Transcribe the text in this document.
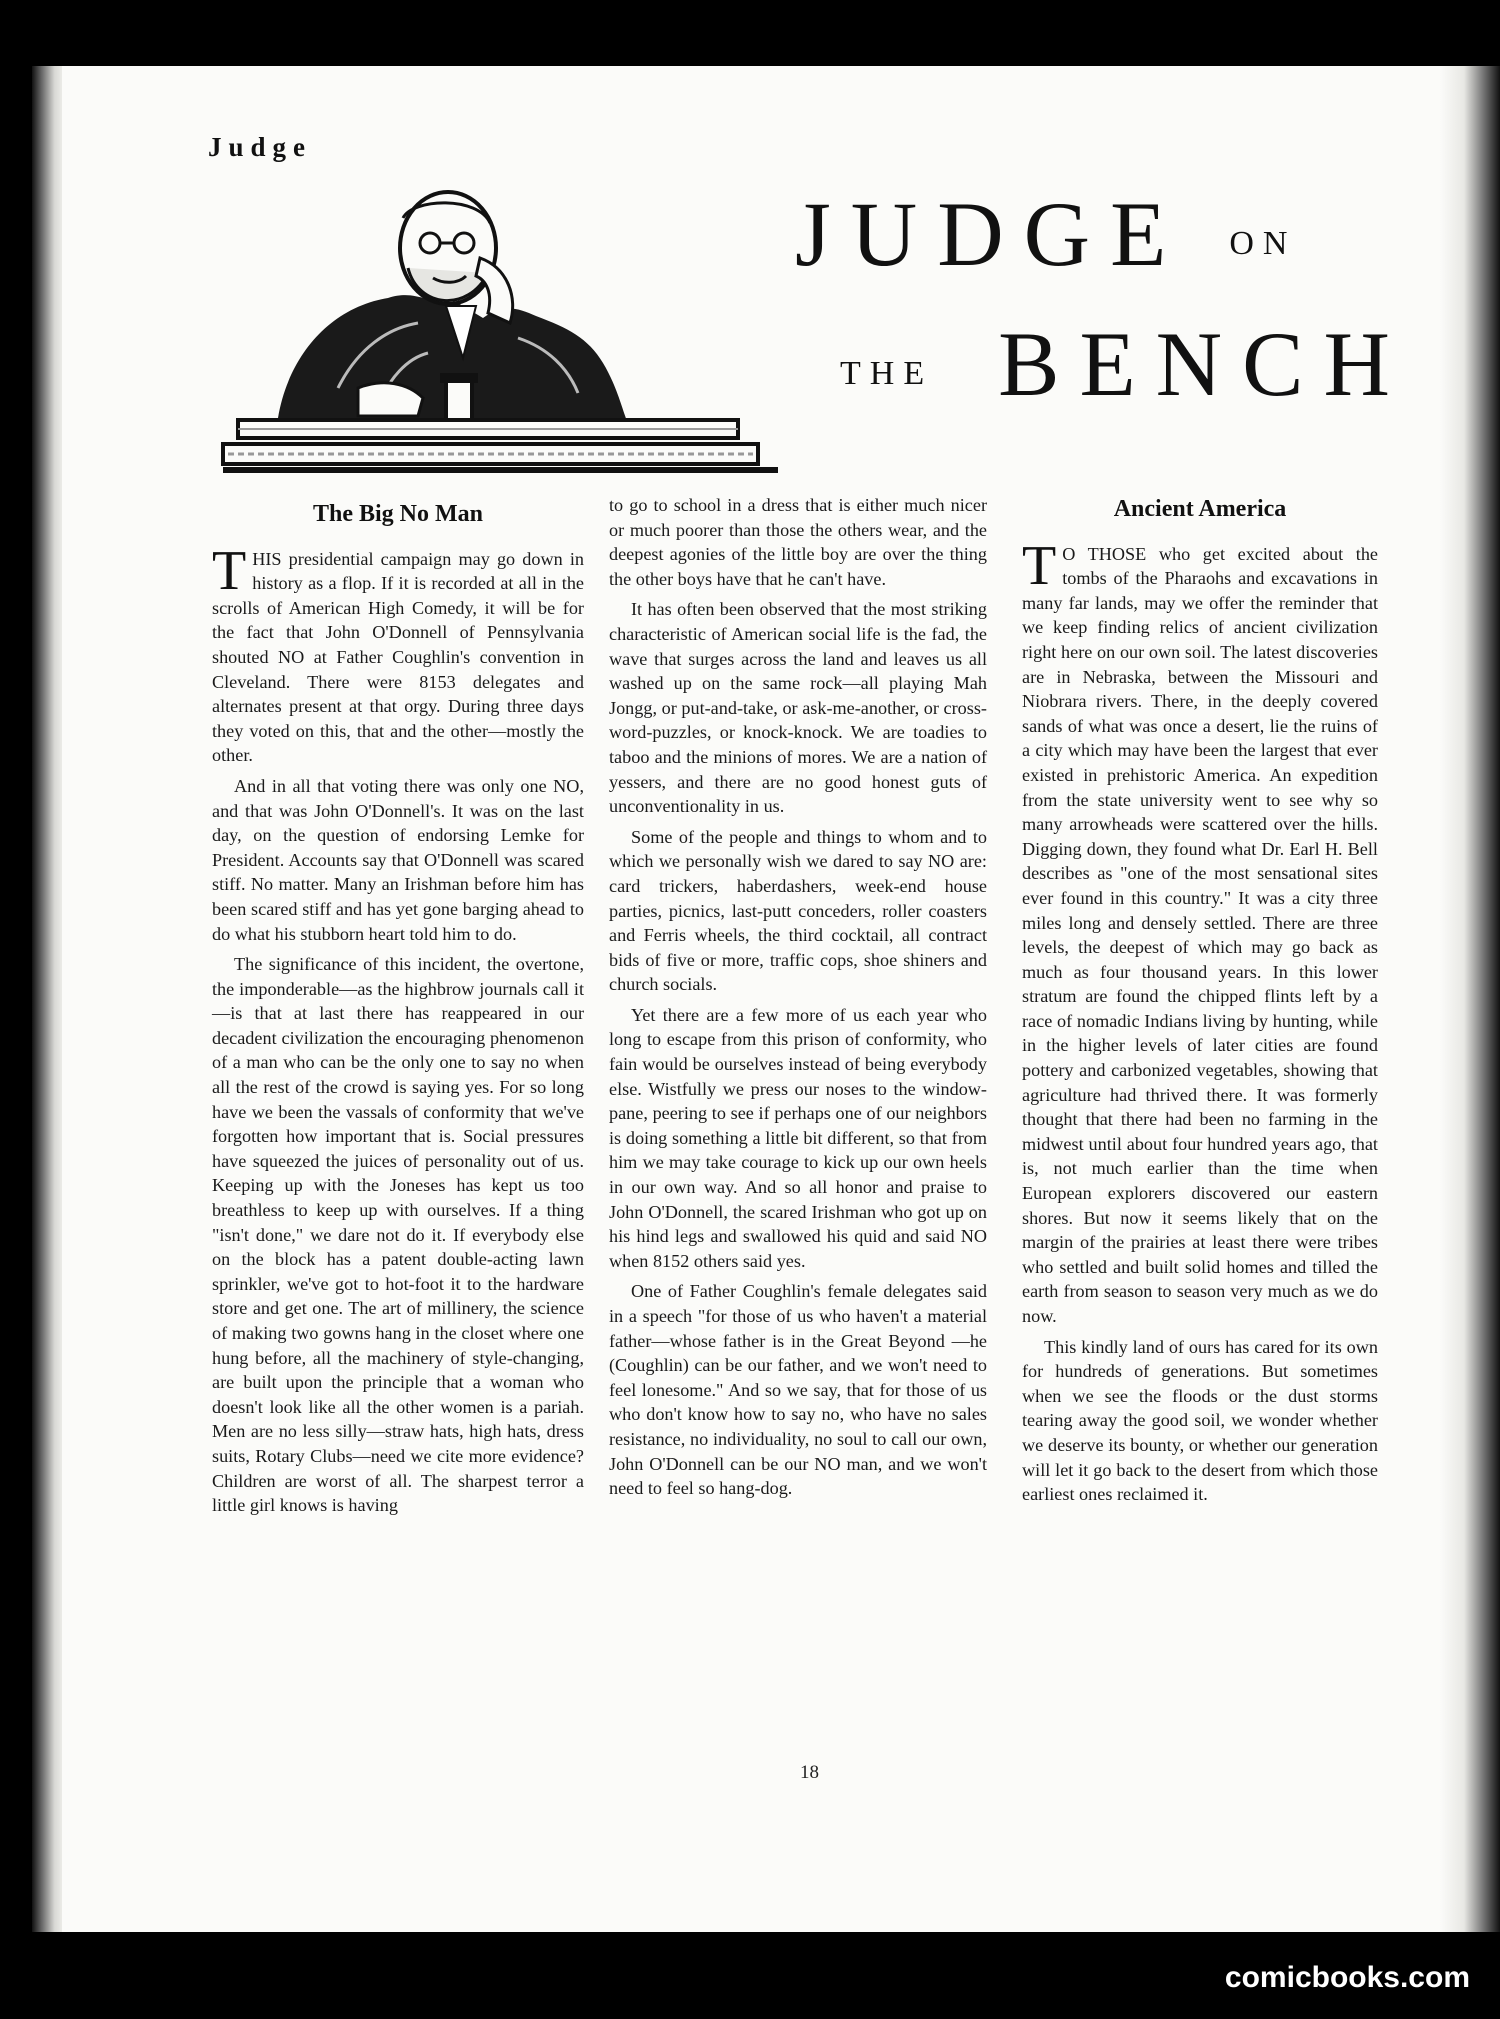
Judge
JUDGE ON
THE BENCH
The Big No Man

THIS presidential campaign may go down in history as a flop. If it is recorded at all in the scrolls of American High Comedy, it will be for the fact that John O'Donnell of Pennsylvania shouted NO at Father Coughlin's convention in Cleveland. There were 8153 delegates and alternates present at that orgy. During three days they voted on this, that and the other—mostly the other.

And in all that voting there was only one NO, and that was John O'Donnell's. It was on the last day, on the question of endorsing Lemke for President. Accounts say that O'Donnell was scared stiff. No matter. Many an Irishman before him has been scared stiff and has yet gone barging ahead to do what his stubborn heart told him to do.

The significance of this incident, the overtone, the imponderable—as the highbrow journals call it—is that at last there has reappeared in our decadent civilization the encouraging phenomenon of a man who can be the only one to say no when all the rest of the crowd is saying yes. For so long have we been the vassals of conformity that we've forgotten how important that is. Social pressures have squeezed the juices of personality out of us. Keeping up with the Joneses has kept us too breathless to keep up with ourselves. If a thing "isn't done," we dare not do it. If everybody else on the block has a patent double-acting lawn sprinkler, we've got to hot-foot it to the hardware store and get one. The art of millinery, the science of making two gowns hang in the closet where one hung before, all the machinery of style-changing, are built upon the principle that a woman who doesn't look like all the other women is a pariah. Men are no less silly—straw hats, high hats, dress suits, Rotary Clubs—need we cite more evidence? Children are worst of all. The sharpest terror a little girl knows is having

to go to school in a dress that is either much nicer or much poorer than those the others wear, and the deepest agonies of the little boy are over the thing the other boys have that he can't have.

It has often been observed that the most striking characteristic of American social life is the fad, the wave that surges across the land and leaves us all washed up on the same rock—all playing Mah Jongg, or put-and-take, or ask-me-another, or cross-word-puzzles, or knock-knock. We are toadies to taboo and the minions of mores. We are a nation of yessers, and there are no good honest guts of unconventionality in us.

Some of the people and things to whom and to which we personally wish we dared to say NO are: card trickers, haberdashers, week-end house parties, picnics, last-putt conceders, roller coasters and Ferris wheels, the third cocktail, all contract bids of five or more, traffic cops, shoe shiners and church socials.

Yet there are a few more of us each year who long to escape from this prison of conformity, who fain would be ourselves instead of being everybody else. Wistfully we press our noses to the window-pane, peering to see if perhaps one of our neighbors is doing something a little bit different, so that from him we may take courage to kick up our own heels in our own way. And so all honor and praise to John O'Donnell, the scared Irishman who got up on his hind legs and swallowed his quid and said NO when 8152 others said yes.

One of Father Coughlin's female delegates said in a speech "for those of us who haven't a material father—whose father is in the Great Beyond —he (Coughlin) can be our father, and we won't need to feel lonesome." And so we say, that for those of us who don't know how to say no, who have no sales resistance, no individuality, no soul to call our own, John O'Donnell can be our NO man, and we won't need to feel so hang-dog.

Ancient America

T O THOSE who get excited about the tombs of the Pharaohs and excavations in many far lands, may we offer the reminder that we keep finding relics of ancient civilization right here on our own soil. The latest discoveries are in Nebraska, between the Missouri and Niobrara rivers. There, in the deeply covered sands of what was once a desert, lie the ruins of a city which may have been the largest that ever existed in prehistoric America. An expedition from the state university went to see why so many arrowheads were scattered over the hills. Digging down, they found what Dr. Earl H. Bell describes as "one of the most sensational sites ever found in this country." It was a city three miles long and densely settled. There are three levels, the deepest of which may go back as much as four thousand years. In this lower stratum are found the chipped flints left by a race of nomadic Indians living by hunting, while in the higher levels of later cities are found pottery and carbonized vegetables, showing that agriculture had thrived there. It was formerly thought that there had been no farming in the midwest until about four hundred years ago, that is, not much earlier than the time when European explorers discovered our eastern shores. But now it seems likely that on the margin of the prairies at least there were tribes who settled and built solid homes and tilled the earth from season to season very much as we do now.

This kindly land of ours has cared for its own for hundreds of generations. But sometimes when we see the floods or the dust storms tearing away the good soil, we wonder whether we deserve its bounty, or whether our generation will let it go back to the desert from which those earliest ones reclaimed it.

18
comicbooks.com
